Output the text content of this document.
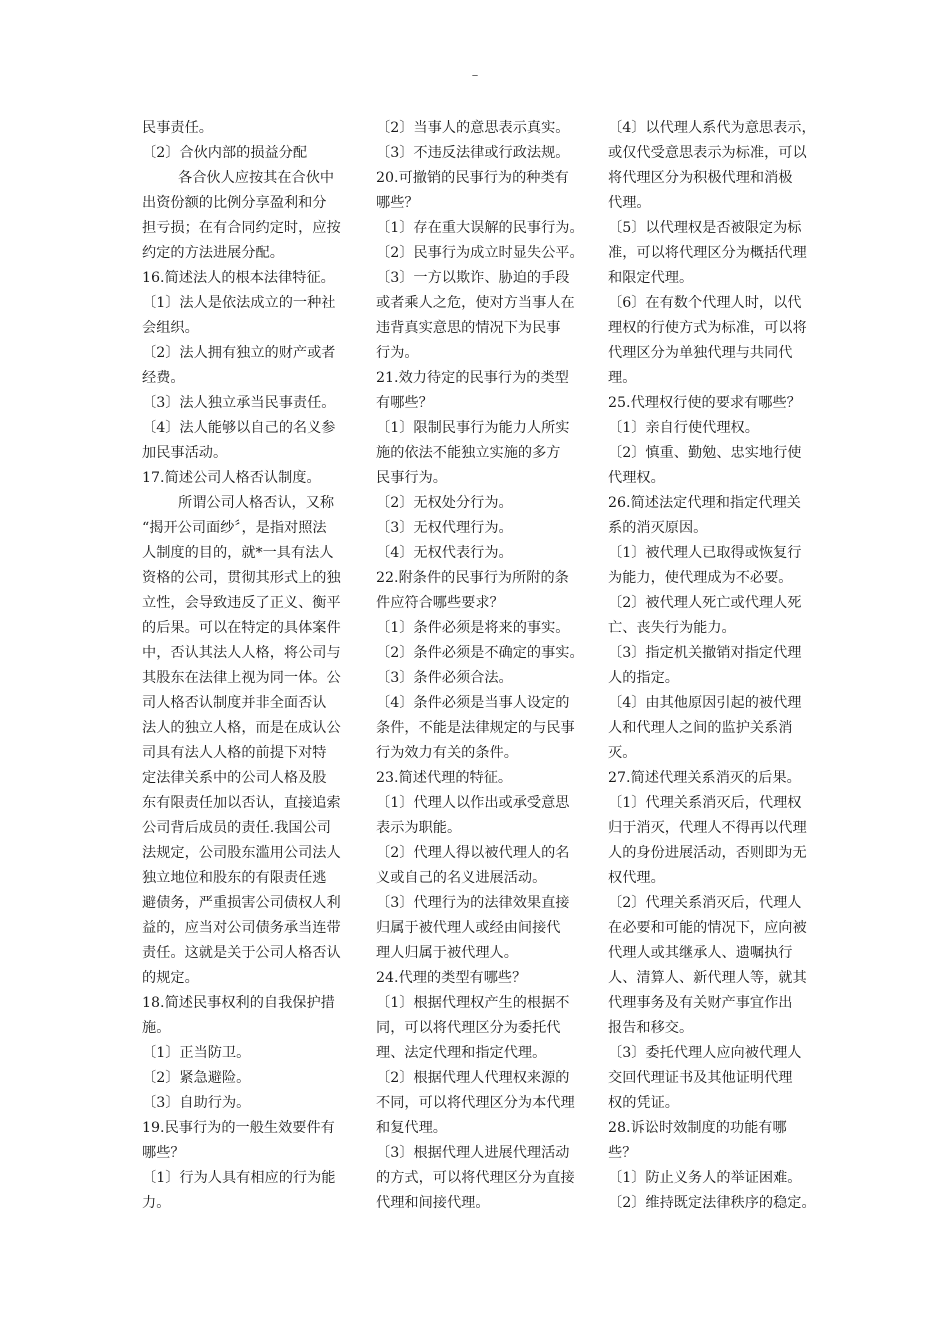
–
民事责任。
〔2〕合伙内部的损益分配
各合伙人应按其在合伙中
出资份额的比例分享盈利和分
担亏损；在有合同约定时，应按
约定的方法进展分配。
16.简述法人的根本法律特征。
〔1〕法人是依法成立的一种社
会组织。
〔2〕法人拥有独立的财产或者
经费。
〔3〕法人独立承当民事责任。
〔4〕法人能够以自己的名义参
加民事活动。
17.简述公司人格否认制度。
所谓公司人格否认，又称
“揭开公司面纱〞，是指对照法
人制度的目的，就*一具有法人
资格的公司，贯彻其形式上的独
立性，会导致违反了正义、衡平
的后果。可以在特定的具体案件
中，否认其法人人格，将公司与
其股东在法律上视为同一体。公
司人格否认制度并非全面否认
法人的独立人格，而是在成认公
司具有法人人格的前提下对特
定法律关系中的公司人格及股
东有限责任加以否认，直接追索
公司背后成员的责任.我国公司
法规定，公司股东滥用公司法人
独立地位和股东的有限责任逃
避债务，严重损害公司债权人利
益的，应当对公司债务承当连带
责任。这就是关于公司人格否认
的规定。
18.简述民事权利的自我保护措
施。
〔1〕正当防卫。
〔2〕紧急避险。
〔3〕自助行为。
19.民事行为的一般生效要件有
哪些？
〔1〕行为人具有相应的行为能
力。
〔2〕当事人的意思表示真实。
〔3〕不违反法律或行政法规。
20.可撤销的民事行为的种类有
哪些？
〔1〕存在重大误解的民事行为。
〔2〕民事行为成立时显失公平。
〔3〕一方以欺诈、胁迫的手段
或者乘人之危，使对方当事人在
违背真实意思的情况下为民事
行为。
21.效力待定的民事行为的类型
有哪些？
〔1〕限制民事行为能力人所实
施的依法不能独立实施的多方
民事行为。
〔2〕无权处分行为。
〔3〕无权代理行为。
〔4〕无权代表行为。
22.附条件的民事行为所附的条
件应符合哪些要求？
〔1〕条件必须是将来的事实。
〔2〕条件必须是不确定的事实。
〔3〕条件必须合法。
〔4〕条件必须是当事人设定的
条件，不能是法律规定的与民事
行为效力有关的条件。
23.简述代理的特征。
〔1〕代理人以作出或承受意思
表示为职能。
〔2〕代理人得以被代理人的名
义或自己的名义进展活动。
〔3〕代理行为的法律效果直接
归属于被代理人或经由间接代
理人归属于被代理人。
24.代理的类型有哪些？
〔1〕根据代理权产生的根据不
同，可以将代理区分为委托代
理、法定代理和指定代理。
〔2〕根据代理人代理权来源的
不同，可以将代理区分为本代理
和复代理。
〔3〕根据代理人进展代理活动
的方式，可以将代理区分为直接
代理和间接代理。
〔4〕以代理人系代为意思表示，
或仅代受意思表示为标准，可以
将代理区分为积极代理和消极
代理。
〔5〕以代理权是否被限定为标
准，可以将代理区分为概括代理
和限定代理。
〔6〕在有数个代理人时，以代
理权的行使方式为标准，可以将
代理区分为单独代理与共同代
理。
25.代理权行使的要求有哪些？
〔1〕亲自行使代理权。
〔2〕慎重、勤勉、忠实地行使
代理权。
26.简述法定代理和指定代理关
系的消灭原因。
〔1〕被代理人已取得或恢复行
为能力，使代理成为不必要。
〔2〕被代理人死亡或代理人死
亡、丧失行为能力。
〔3〕指定机关撤销对指定代理
人的指定。
〔4〕由其他原因引起的被代理
人和代理人之间的监护关系消
灭。
27.简述代理关系消灭的后果。
〔1〕代理关系消灭后，代理权
归于消灭，代理人不得再以代理
人的身份进展活动，否则即为无
权代理。
〔2〕代理关系消灭后，代理人
在必要和可能的情况下，应向被
代理人或其继承人、遗嘱执行
人、清算人、新代理人等，就其
代理事务及有关财产事宜作出
报告和移交。
〔3〕委托代理人应向被代理人
交回代理证书及其他证明代理
权的凭证。
28.诉讼时效制度的功能有哪
些？
〔1〕防止义务人的举证困难。
〔2〕维持既定法律秩序的稳定。
